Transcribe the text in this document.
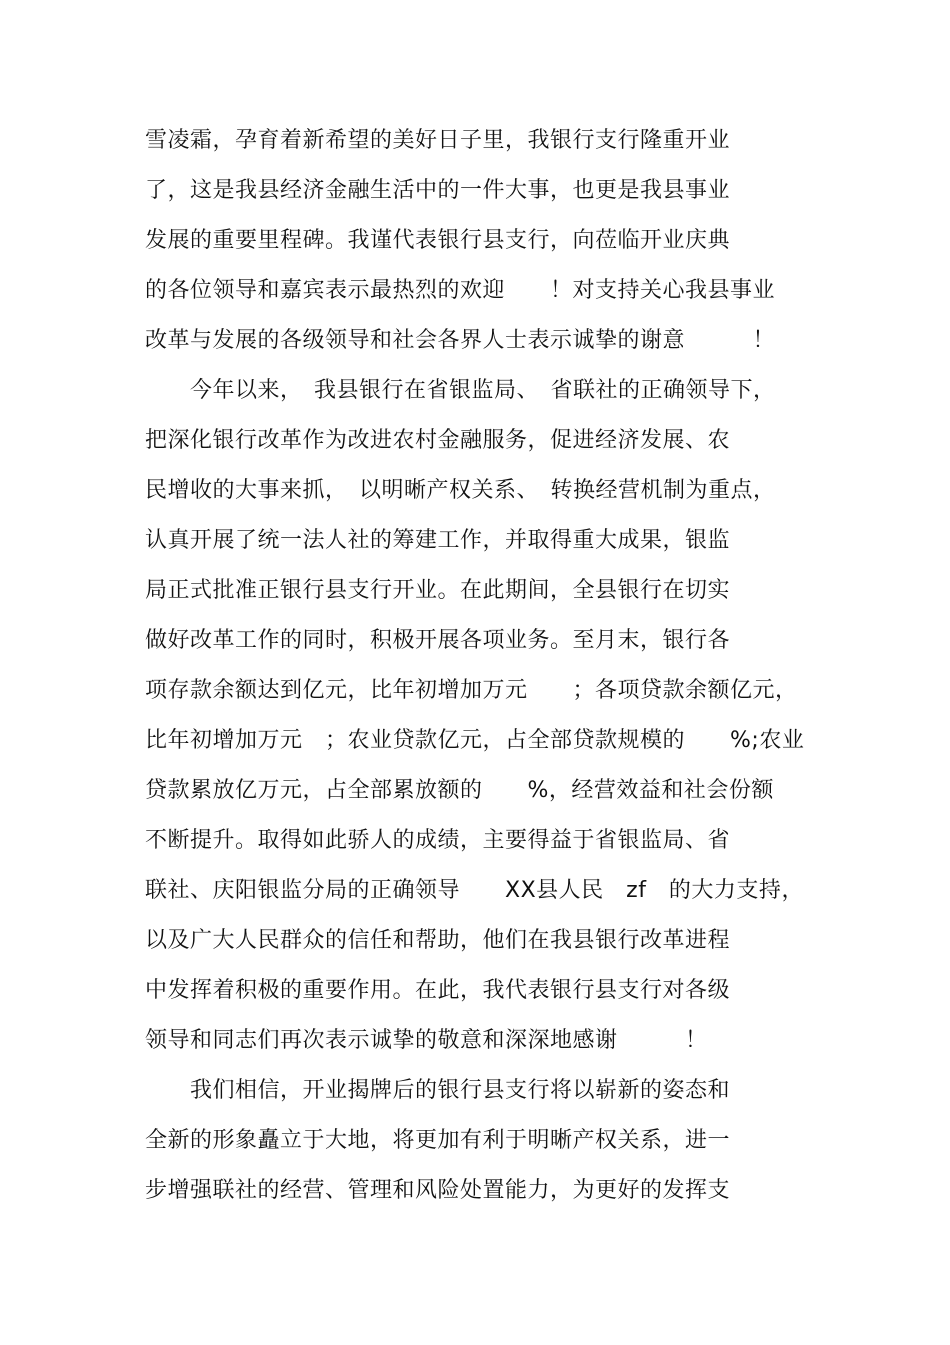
雪凌霜，孕育着新希望的美好日子里，我银行支行隆重开业
了，这是我县经济金融生活中的一件大事，也更是我县事业
发展的重要里程碑。我谨代表银行县支行，向莅临开业庆典
的各位领导和嘉宾表示最热烈的欢迎　　！对支持关心我县事业
改革与发展的各级领导和社会各界人士表示诚挚的谢意　　　！
　　今年以来，　我县银行在省银监局、　省联社的正确领导下，
把深化银行改革作为改进农村金融服务，促进经济发展、农
民增收的大事来抓，　以明晰产权关系、　转换经营机制为重点，
认真开展了统一法人社的筹建工作，并取得重大成果，银监
局正式批准正银行县支行开业。在此期间，全县银行在切实
做好改革工作的同时，积极开展各项业务。至月末，银行各
项存款余额达到亿元，比年初增加万元　　；各项贷款余额亿元，
比年初增加万元　；农业贷款亿元，占全部贷款规模的　　%;农业
贷款累放亿万元，占全部累放额的　　%，经营效益和社会份额
不断提升。取得如此骄人的成绩，主要得益于省银监局、省
联社、庆阳银监分局的正确领导　　XX县人民　zf　的大力支持，
以及广大人民群众的信任和帮助，他们在我县银行改革进程
中发挥着积极的重要作用。在此，我代表银行县支行对各级
领导和同志们再次表示诚挚的敬意和深深地感谢　　　！
　　我们相信，开业揭牌后的银行县支行将以崭新的姿态和
全新的形象矗立于大地，将更加有利于明晰产权关系，进一
步增强联社的经营、管理和风险处置能力，为更好的发挥支
